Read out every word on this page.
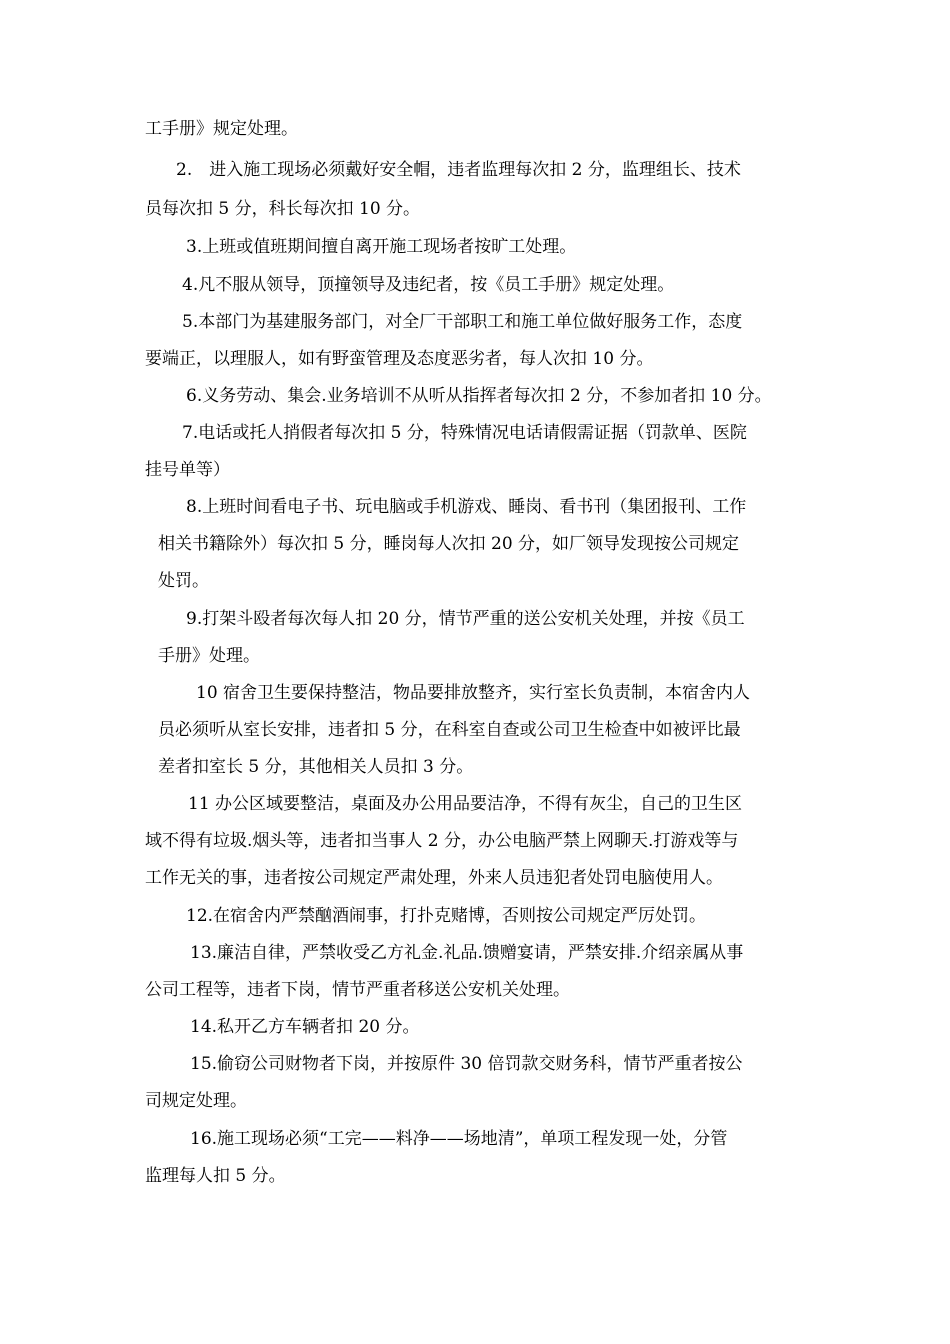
工手册》规定处理。
2.　进入施工现场必须戴好安全帽，违者监理每次扣 2 分，监理组长、技术
员每次扣 5 分，科长每次扣 10 分。
3.上班或值班期间擅自离开施工现场者按旷工处理。
4.凡不服从领导，顶撞领导及违纪者，按《员工手册》规定处理。
5.本部门为基建服务部门，对全厂干部职工和施工单位做好服务工作，态度
要端正，以理服人，如有野蛮管理及态度恶劣者，每人次扣 10 分。
6.义务劳动、集会.业务培训不从听从指挥者每次扣 2 分，不参加者扣 10 分。
7.电话或托人捎假者每次扣 5 分，特殊情况电话请假需证据（罚款单、医院
挂号单等）
8.上班时间看电子书、玩电脑或手机游戏、睡岗、看书刊（集团报刊、工作
相关书籍除外）每次扣 5 分，睡岗每人次扣 20 分，如厂领导发现按公司规定
处罚。
9.打架斗殴者每次每人扣 20 分，情节严重的送公安机关处理，并按《员工
手册》处理。
10 宿舍卫生要保持整洁，物品要排放整齐，实行室长负责制，本宿舍内人
员必须听从室长安排，违者扣 5 分，在科室自查或公司卫生检查中如被评比最
差者扣室长 5 分，其他相关人员扣 3 分。
11 办公区域要整洁，桌面及办公用品要洁净，不得有灰尘，自己的卫生区
域不得有垃圾.烟头等，违者扣当事人 2 分，办公电脑严禁上网聊天.打游戏等与
工作无关的事，违者按公司规定严肃处理，外来人员违犯者处罚电脑使用人。
12.在宿舍内严禁酗酒闹事，打扑克赌博，否则按公司规定严厉处罚。
13.廉洁自律，严禁收受乙方礼金.礼品.馈赠宴请，严禁安排.介绍亲属从事
公司工程等，违者下岗，情节严重者移送公安机关处理。
14.私开乙方车辆者扣 20 分。
15.偷窃公司财物者下岗，并按原件 30 倍罚款交财务科，情节严重者按公
司规定处理。
16.施工现场必须“工完——料净——场地清”，单项工程发现一处，分管
监理每人扣 5 分。
